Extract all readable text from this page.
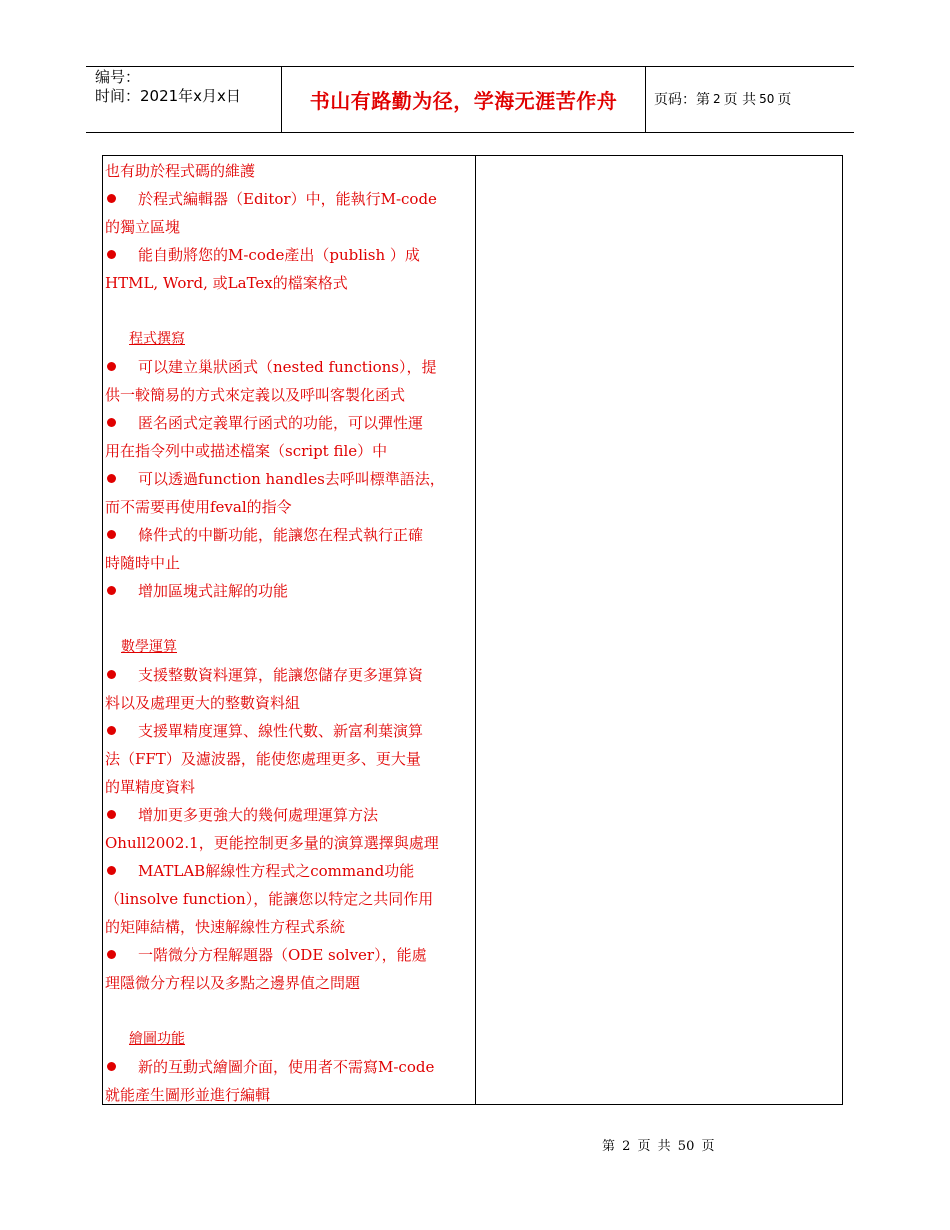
编号：
时间：2021年x月x日	书山有路勤为径，学海无涯苦作舟	页码：第 2 页 共 50 页
也有助於程式碼的維護
於程式編輯器（Editor）中，能執行M-code
的獨立區塊
能自動將您的M-code產出（publish ）成
HTML, Word, 或LaTex的檔案格式
程式撰寫
可以建立巢狀函式（nested functions），提
供一較簡易的方式來定義以及呼叫客製化函式
匿名函式定義單行函式的功能，可以彈性運
用在指令列中或描述檔案（script file）中
可以透過function handles去呼叫標準語法，
而不需要再使用feval的指令
條件式的中斷功能，能讓您在程式執行正確
時隨時中止
增加區塊式註解的功能
數學運算
支援整數資料運算，能讓您儲存更多運算資
料以及處理更大的整數資料組
支援單精度運算、線性代數、新富利葉演算
法（FFT）及濾波器，能使您處理更多、更大量
的單精度資料
增加更多更強大的幾何處理運算方法
Ohull2002.1，更能控制更多量的演算選擇與處理
MATLAB解線性方程式之command功能
（linsolve function），能讓您以特定之共同作用
的矩陣結構，快速解線性方程式系統
一階微分方程解題器（ODE solver），能處
理隱微分方程以及多點之邊界值之問題
繪圖功能
新的互動式繪圖介面，使用者不需寫M-code
就能產生圖形並進行編輯
第 2 页 共 50 页
